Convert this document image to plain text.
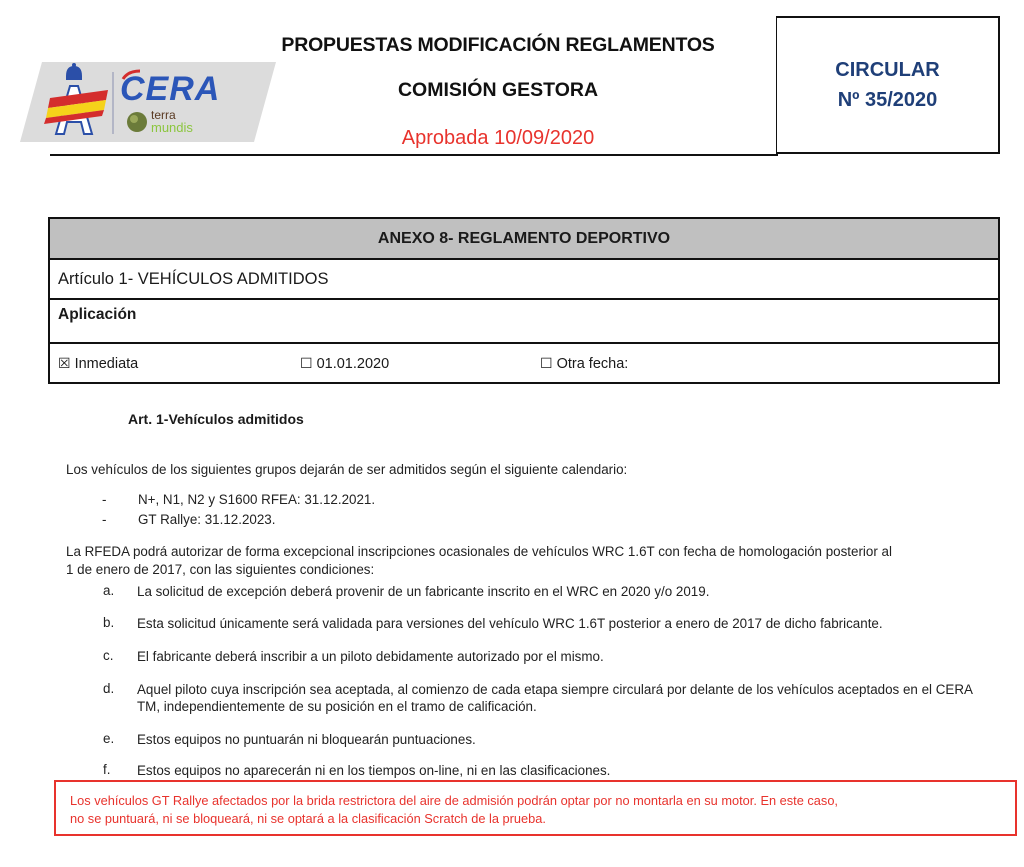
CERA
terra
mundis
PROPUESTAS MODIFICACIÓN REGLAMENTOS
COMISIÓN GESTORA
Aprobada 10/09/2020
CIRCULAR
Nº 35/2020
ANEXO 8- REGLAMENTO DEPORTIVO
Artículo 1- VEHÍCULOS ADMITIDOS
Aplicación
☒ Inmediata	☐ 01.01.2020	☐ Otra fecha:
Art. 1-Vehículos admitidos
Los vehículos de los siguientes grupos dejarán de ser admitidos según el siguiente calendario:
- N+, N1, N2 y S1600 RFEA: 31.12.2021.
- GT Rallye: 31.12.2023.
La RFEDA podrá autorizar de forma excepcional inscripciones ocasionales de vehículos WRC 1.6T con fecha de homologación posterior al
1 de enero de 2017, con las siguientes condiciones:
a. La solicitud de excepción deberá provenir de un fabricante inscrito en el WRC en 2020 y/o 2019.
b. Esta solicitud únicamente será validada para versiones del vehículo WRC 1.6T posterior a enero de 2017 de dicho fabricante.
c. El fabricante deberá inscribir a un piloto debidamente autorizado por el mismo.
d. Aquel piloto cuya inscripción sea aceptada, al comienzo de cada etapa siempre circulará por delante de los vehículos aceptados en el CERA TM, independientemente de su posición en el tramo de calificación.
e. Estos equipos no puntuarán ni bloquearán puntuaciones.
f. Estos equipos no aparecerán ni en los tiempos on-line, ni en las clasificaciones.
Los vehículos GT Rallye afectados por la brida restrictora del aire de admisión podrán optar por no montarla en su motor. En este caso,
no se puntuará, ni se bloqueará, ni se optará a la clasificación Scratch de la prueba.
